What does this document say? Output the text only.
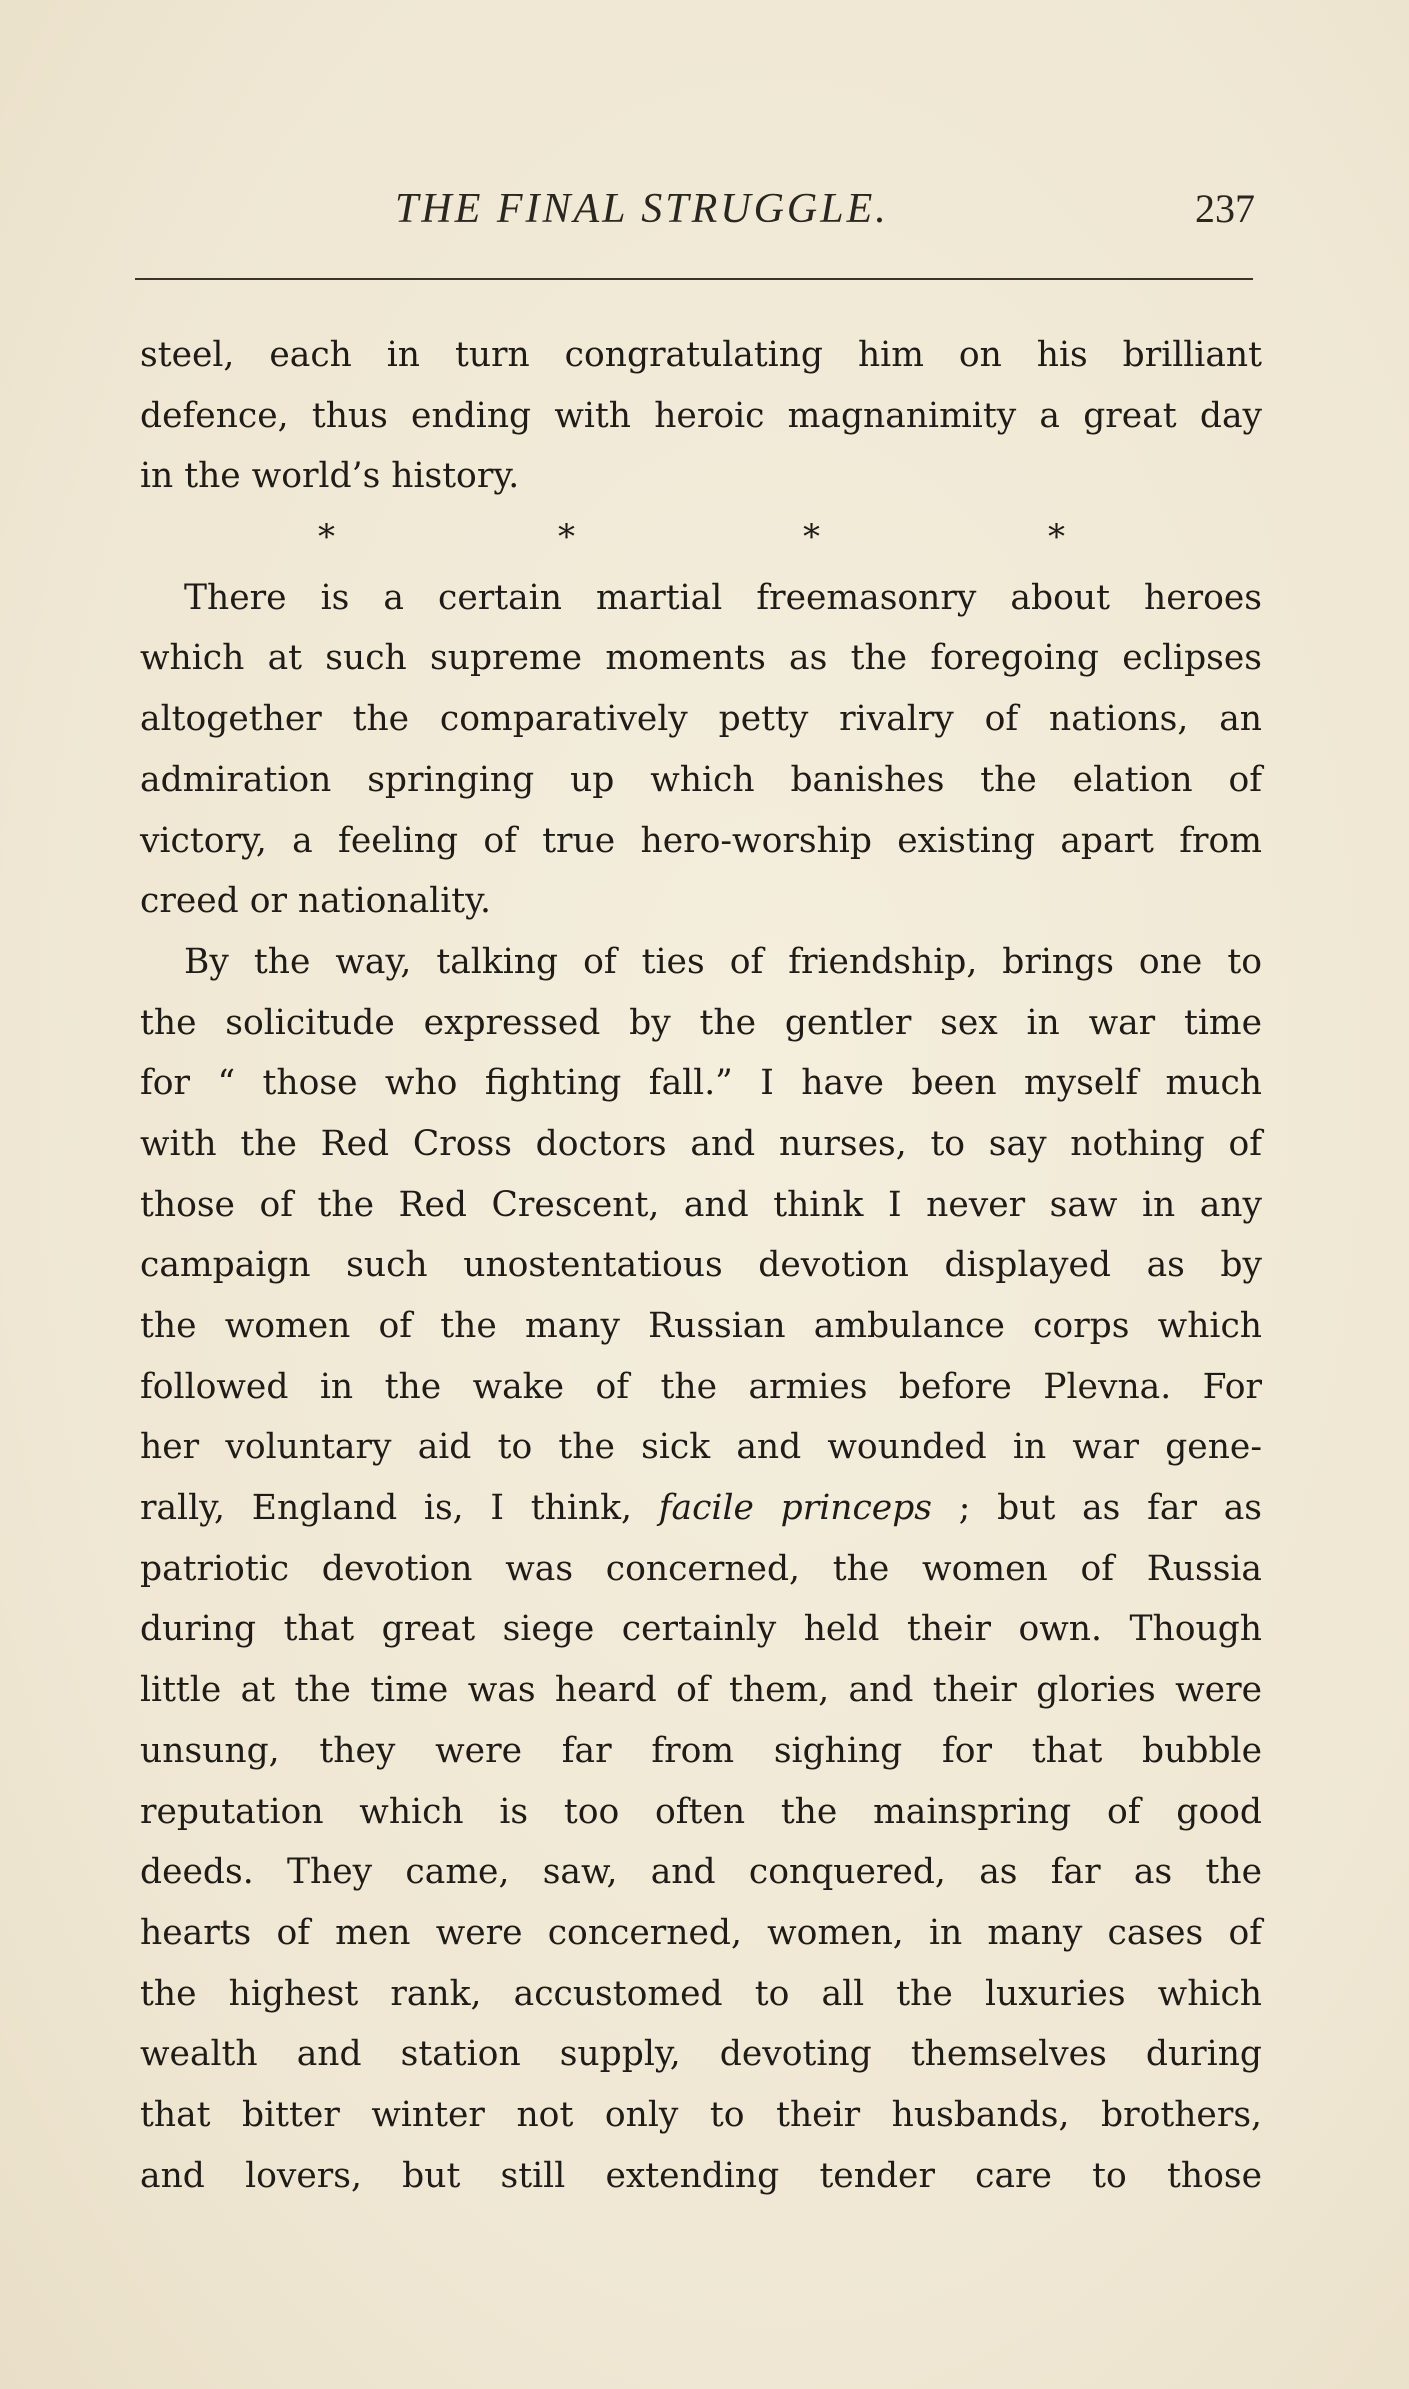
THE FINAL STRUGGLE.	237
steel, each in turn congratulating him on his brilliant
defence, thus ending with heroic magnanimity a great day
in the world’s history.
*	*	*	*
There is a certain martial freemasonry about heroes
which at such supreme moments as the foregoing eclipses
altogether the comparatively petty rivalry of nations, an
admiration springing up which banishes the elation of
victory, a feeling of true hero-worship existing apart from
creed or nationality.
By the way, talking of ties of friendship, brings one to
the solicitude expressed by the gentler sex in war time
for “ those who fighting fall.” I have been myself much
with the Red Cross doctors and nurses, to say nothing of
those of the Red Crescent, and think I never saw in any
campaign such unostentatious devotion displayed as by
the women of the many Russian ambulance corps which
followed in the wake of the armies before Plevna. For
her voluntary aid to the sick and wounded in war gene-
rally, England is, I think, facile princeps ; but as far as
patriotic devotion was concerned, the women of Russia
during that great siege certainly held their own. Though
little at the time was heard of them, and their glories were
unsung, they were far from sighing for that bubble
reputation which is too often the mainspring of good
deeds. They came, saw, and conquered, as far as the
hearts of men were concerned, women, in many cases of
the highest rank, accustomed to all the luxuries which
wealth and station supply, devoting themselves during
that bitter winter not only to their husbands, brothers,
and lovers, but still extending tender care to those
